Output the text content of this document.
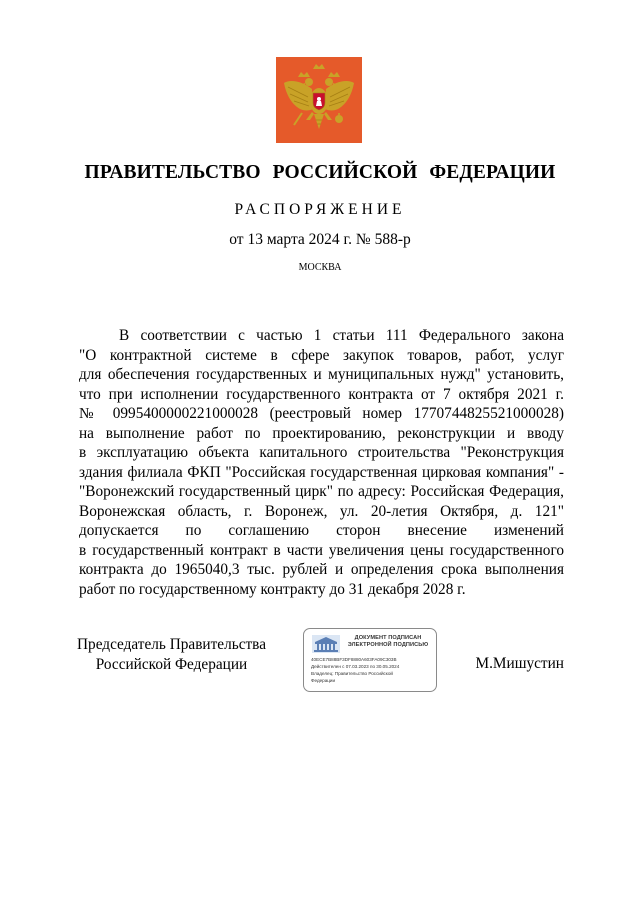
ПРАВИТЕЛЬСТВО РОССИЙСКОЙ ФЕДЕРАЦИИ
РАСПОРЯЖЕНИЕ
от 13 марта 2024 г. № 588-р
МОСКВА
В соответствии с частью 1 статьи 111 Федерального закона
"О контрактной системе в сфере закупок товаров, работ, услуг
для обеспечения государственных и муниципальных нужд" установить,
что при исполнении государственного контракта от 7 октября 2021 г.
№ 0995400000221000028 (реестровый номер 1770744825521000028)
на выполнение работ по проектированию, реконструкции и вводу
в эксплуатацию объекта капитального строительства "Реконструкция
здания филиала ФКП "Российская государственная цирковая компания" -
"Воронежский государственный цирк" по адресу: Российская Федерация,
Воронежская область, г. Воронеж, ул. 20-летия Октября, д. 121"
допускается по соглашению сторон внесение изменений
в государственный контракт в части увеличения цены государственного
контракта до 1965040,3 тыс. рублей и определения срока выполнения
работ по государственному контракту до 31 декабря 2028 г.
Председатель Правительства
Российской Федерации
ДОКУМЕНТ ПОДПИСАН
ЭЛЕКТРОННОЙ ПОДПИСЬЮ
40ECE7B88BF3DF8880A603FA09C303B
Действителен с 07.03.2023 по 30.05.2024
Владелец: Правительство Российской
Федерации
М.Мишустин
